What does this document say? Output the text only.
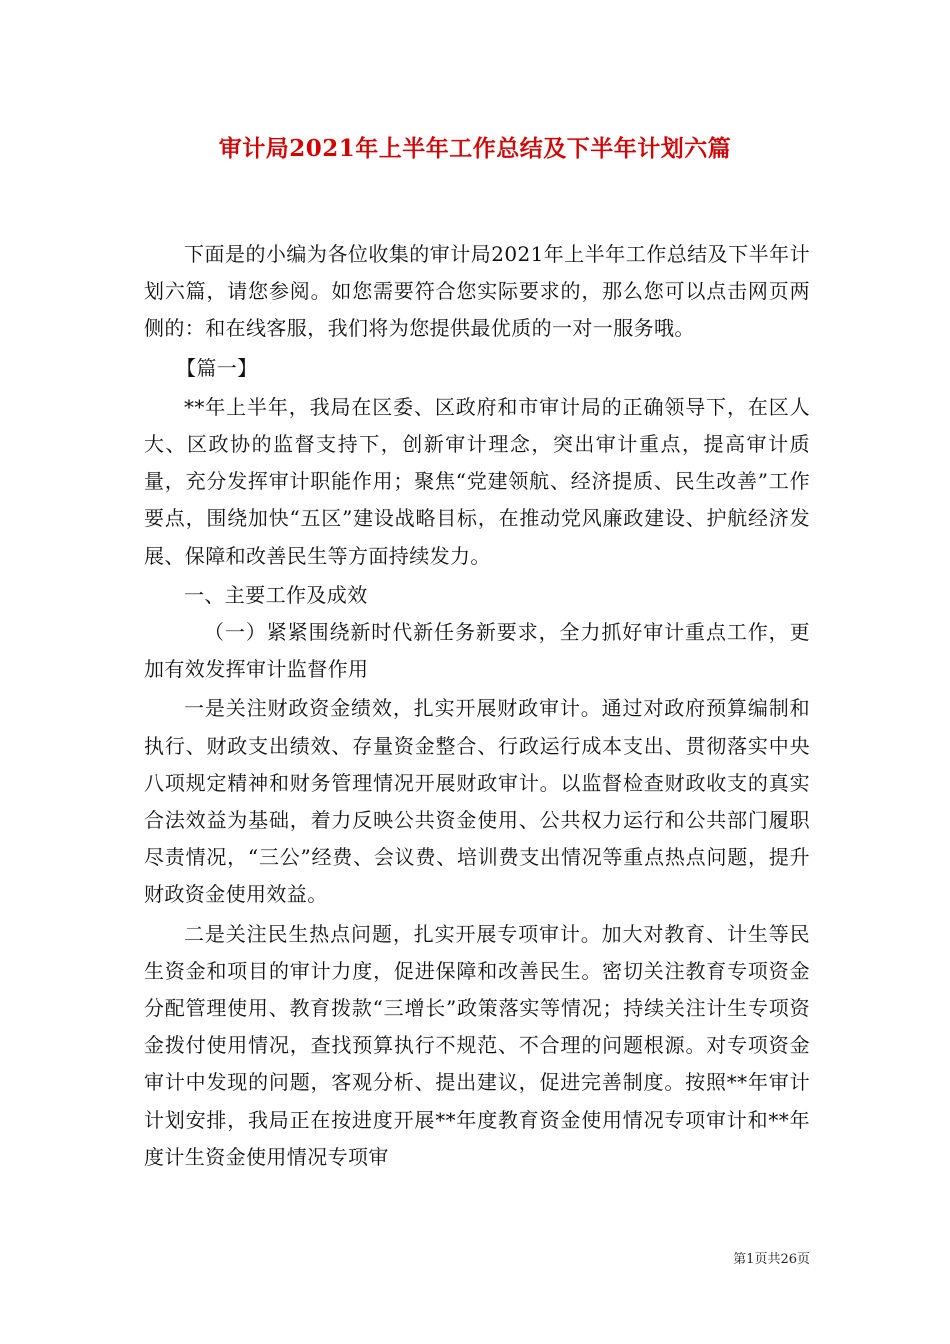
审计局2021年上半年工作总结及下半年计划六篇

下面是的小编为各位收集的审计局2021年上半年工作总结及下半年计划六篇，请您参阅。如您需要符合您实际要求的，那么您可以点击网页两侧的：和在线客服，我们将为您提供最优质的一对一服务哦。

【篇一】

**年上半年，我局在区委、区政府和市审计局的正确领导下，在区人大、区政协的监督支持下，创新审计理念，突出审计重点，提高审计质量，充分发挥审计职能作用；聚焦“党建领航、经济提质、民生改善”工作要点，围绕加快“五区”建设战略目标，在推动党风廉政建设、护航经济发展、保障和改善民生等方面持续发力。

一、主要工作及成效

（一）紧紧围绕新时代新任务新要求，全力抓好审计重点工作，更加有效发挥审计监督作用

一是关注财政资金绩效，扎实开展财政审计。通过对政府预算编制和执行、财政支出绩效、存量资金整合、行政运行成本支出、贯彻落实中央八项规定精神和财务管理情况开展财政审计。以监督检查财政收支的真实合法效益为基础，着力反映公共资金使用、公共权力运行和公共部门履职尽责情况，“三公”经费、会议费、培训费支出情况等重点热点问题，提升财政资金使用效益。

二是关注民生热点问题，扎实开展专项审计。加大对教育、计生等民生资金和项目的审计力度，促进保障和改善民生。密切关注教育专项资金分配管理使用、教育拨款“三增长”政策落实等情况；持续关注计生专项资金拨付使用情况，查找预算执行不规范、不合理的问题根源。对专项资金审计中发现的问题，客观分析、提出建议，促进完善制度。按照**年审计计划安排，我局正在按进度开展**年度教育资金使用情况专项审计和**年度计生资金使用情况专项审

第1页共26页
